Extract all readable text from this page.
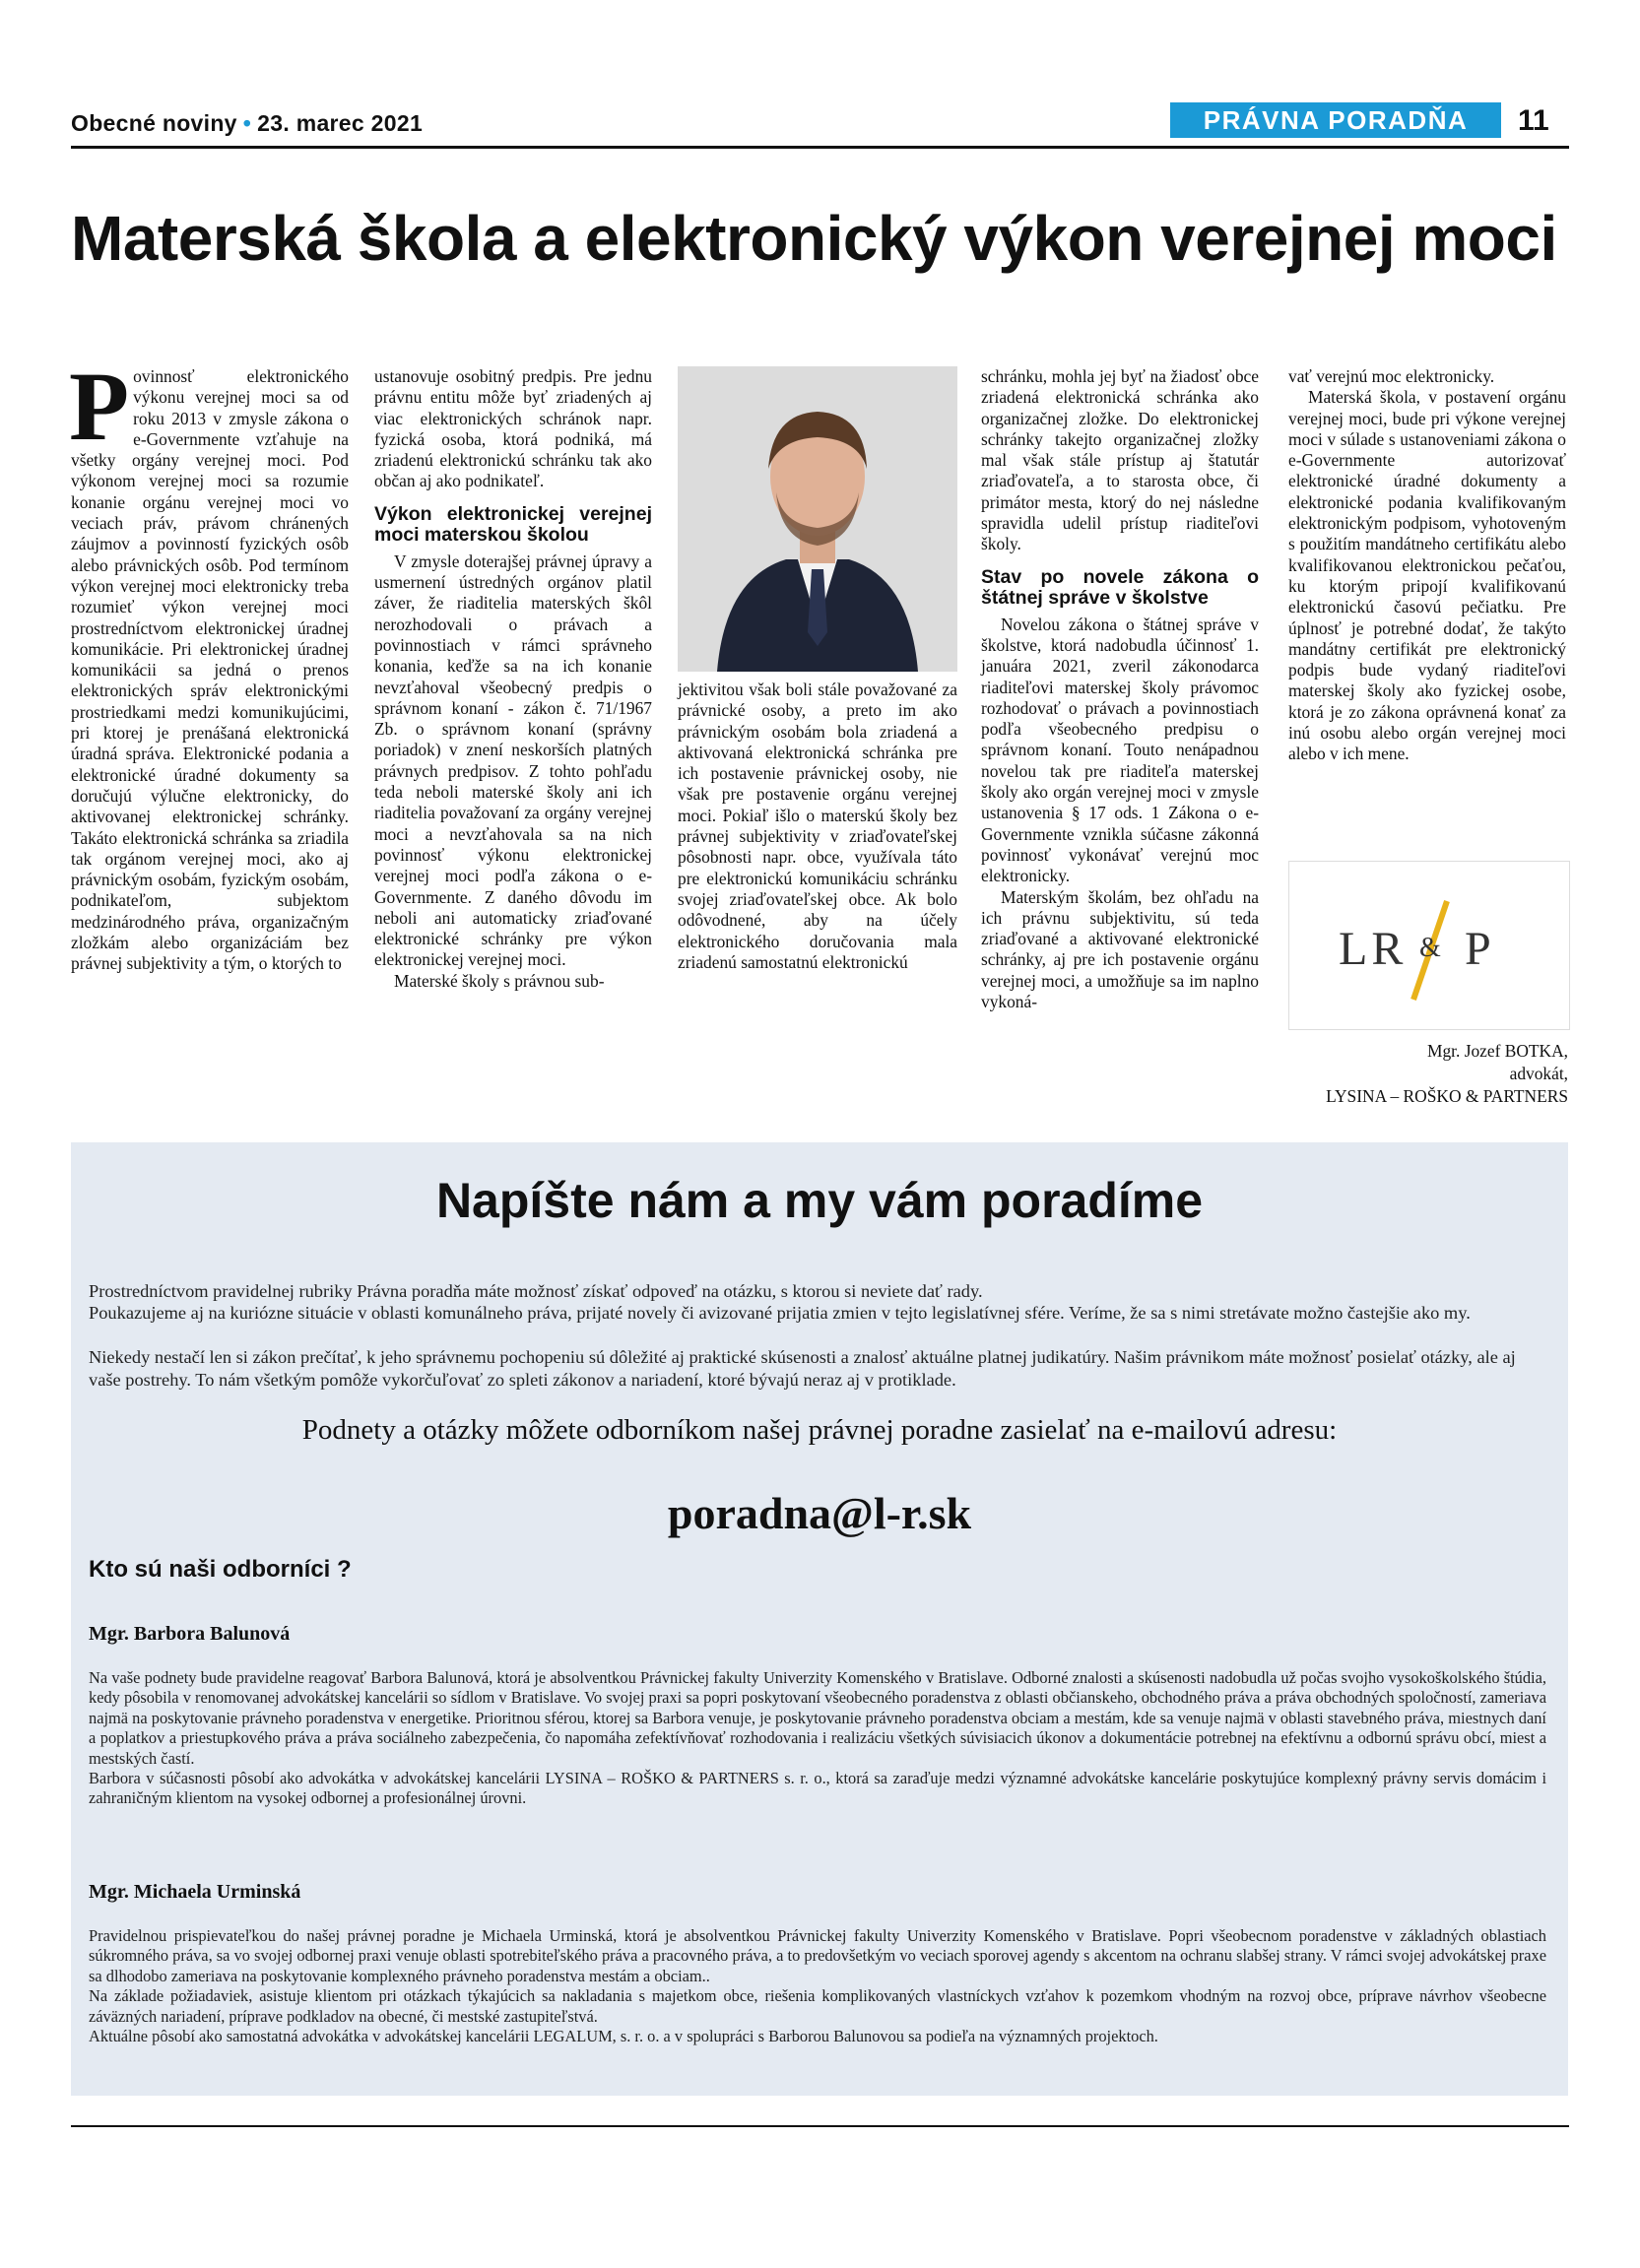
Obecné noviny • 23. marec 2021	PRÁVNA PORADŇA	11
Materská škola a elektronický výkon verejnej moci

Povinnosť elektronického výkonu verejnej moci sa od roku 2013 v zmysle zákona o e-Governmente vzťahuje na všetky orgány verejnej moci. Pod výkonom verejnej moci sa rozumie konanie orgánu verejnej moci vo veciach práv, právom chránených záujmov a povinností fyzických osôb alebo právnických osôb. Pod termínom výkon verejnej moci elektronicky treba rozumieť výkon verejnej moci prostredníctvom elektronickej úradnej komunikácie. Pri elektronickej úradnej komunikácii sa jedná o prenos elektronických správ elektronickými prostriedkami medzi komunikujúcimi, pri ktorej je prenášaná elektronická úradná správa. Elektronické podania a elektronické úradné dokumenty sa doručujú výlučne elektronicky, do aktivovanej elektronickej schránky. Takáto elektronická schránka sa zriadila tak orgánom verejnej moci, ako aj právnickým osobám, fyzickým osobám, podnikateľom, subjektom medzinárodného práva, organizačným zložkám alebo organizáciám bez právnej subjektivity a tým, o ktorých to

ustanovuje osobitný predpis. Pre jednu právnu entitu môže byť zriadených aj viac elektronických schránok napr. fyzická osoba, ktorá podniká, má zriadenú elektronickú schránku tak ako občan aj ako podnikateľ.

Výkon elektronickej verejnej moci materskou školou

V zmysle doterajšej právnej úpravy a usmernení ústredných orgánov platil záver, že riaditelia materských škôl nerozhodovali o právach a povinnostiach v rámci správneho konania, keďže sa na ich konanie nevzťahoval všeobecný predpis o správnom konaní - zákon č. 71/1967 Zb. o správnom konaní (správny poriadok) v znení neskorších platných právnych predpisov. Z tohto pohľadu teda neboli materské školy ani ich riaditelia považovaní za orgány verejnej moci a nevzťahovala sa na nich povinnosť výkonu elektronickej verejnej moci podľa zákona o e-Governmente. Z daného dôvodu im neboli ani automaticky zriaďované elektronické schránky pre výkon elektronickej verejnej moci.

Materské školy s právnou sub-

jektivitou však boli stále považované za právnické osoby, a preto im ako právnickým osobám bola zriadená a aktivovaná elektronická schránka pre ich postavenie právnickej osoby, nie však pre postavenie orgánu verejnej moci. Pokiaľ išlo o materskú školy bez právnej subjektivity v zriaďovateľskej pôsobnosti napr. obce, využívala táto pre elektronickú komunikáciu schránku svojej zriaďovateľskej obce. Ak bolo odôvodnené, aby na účely elektronického doručovania mala zriadenú samostatnú elektronickú

schránku, mohla jej byť na žiadosť obce zriadená elektronická schránka ako organizačnej zložke. Do elektronickej schránky takejto organizačnej zložky mal však stále prístup aj štatutár zriaďovateľa, a to starosta obce, či primátor mesta, ktorý do nej následne spravidla udelil prístup riaditeľovi školy.

Stav po novele zákona o štátnej správe v školstve

Novelou zákona o štátnej správe v školstve, ktorá nadobudla účinnosť 1. januára 2021, zveril zákonodarca riaditeľovi materskej školy právomoc rozhodovať o právach a povinnostiach podľa všeobecného predpisu o správnom konaní. Touto nenápadnou novelou tak pre riaditeľa materskej školy ako orgán verejnej moci v zmysle ustanovenia § 17 ods. 1 Zákona o e-Governmente vznikla súčasne zákonná povinnosť vykonávať verejnú moc elektronicky.

Materským školám, bez ohľadu na ich právnu subjektivitu, sú teda zriaďované a aktivované elektronické schránky, aj pre ich postavenie orgánu verejnej moci, a umožňuje sa im naplno vykoná-

vať verejnú moc elektronicky.

Materská škola, v postavení orgánu verejnej moci, bude pri výkone verejnej moci v súlade s ustanoveniami zákona o e-Governmente autorizovať elektronické úradné dokumenty a elektronické podania kvalifikovaným elektronickým podpisom, vyhotoveným s použitím mandátneho certifikátu alebo kvalifikovanou elektronickou pečaťou, ku ktorým pripojí kvalifikovanú elektronickú časovú pečiatku. Pre úplnosť je potrebné dodať, že takýto mandátny certifikát pre elektronický podpis bude vydaný riaditeľovi materskej školy ako fyzickej osobe, ktorá je zo zákona oprávnená konať za inú osobu alebo orgán verejnej moci alebo v ich mene.

LR & P
Mgr. Jozef BOTKA,
advokát,
LYSINA – ROŠKO & PARTNERS
Napíšte nám a my vám poradíme
Prostredníctvom pravidelnej rubriky Právna poradňa máte možnosť získať odpoveď na otázku, s ktorou si neviete dať rady.
Poukazujeme aj na kuriózne situácie v oblasti komunálneho práva, prijaté novely či avizované prijatia zmien v tejto legislatívnej sfére. Veríme, že sa s nimi stretávate možno častejšie ako my.
Niekedy nestačí len si zákon prečítať, k jeho správnemu pochopeniu sú dôležité aj praktické skúsenosti a znalosť aktuálne platnej judikatúry. Našim právnikom máte možnosť posielať otázky, ale aj vaše postrehy. To nám všetkým pomôže vykorčuľovať zo spleti zákonov a nariadení, ktoré bývajú neraz aj v protiklade.
Podnety a otázky môžete odborníkom našej právnej poradne zasielať na e-mailovú adresu:
poradna@l-r.sk
Kto sú naši odborníci ?
Mgr. Barbora Balunová
Na vaše podnety bude pravidelne reagovať Barbora Balunová, ktorá je absolventkou Právnickej fakulty Univerzity Komenského v Bratislave. Odborné znalosti a skúsenosti nadobudla už počas svojho vysokoškolského štúdia, kedy pôsobila v renomovanej advokátskej kancelárii so sídlom v Bratislave. Vo svojej praxi sa popri poskytovaní všeobecného poradenstva z oblasti občianskeho, obchodného práva a práva obchodných spoločností, zameriava najmä na poskytovanie právneho poradenstva v energetike. Prioritnou sférou, ktorej sa Barbora venuje, je poskytovanie právneho poradenstva obciam a mestám, kde sa venuje najmä v oblasti stavebného práva, miestnych daní a poplatkov a priestupkového práva a práva sociálneho zabezpečenia, čo napomáha zefektívňovať rozhodovania i realizáciu všetkých súvisiacich úkonov a dokumentácie potrebnej na efektívnu a odbornú správu obcí, miest a mestských častí.
Barbora v súčasnosti pôsobí ako advokátka v advokátskej kancelárii LYSINA – ROŠKO & PARTNERS s. r. o., ktorá sa zaraďuje medzi významné advokátske kancelárie poskytujúce komplexný právny servis domácim i zahraničným klientom na vysokej odbornej a profesionálnej úrovni.
Mgr. Michaela Urminská
Pravidelnou prispievateľkou do našej právnej poradne je Michaela Urminská, ktorá je absolventkou Právnickej fakulty Univerzity Komenského v Bratislave. Popri všeobecnom poradenstve v základných oblastiach súkromného práva, sa vo svojej odbornej praxi venuje oblasti spotrebiteľského práva a pracovného práva, a to predovšetkým vo veciach sporovej agendy s akcentom na ochranu slabšej strany. V rámci svojej advokátskej praxe sa dlhodobo zameriava na poskytovanie komplexného právneho poradenstva mestám a obciam..
Na základe požiadaviek, asistuje klientom pri otázkach týkajúcich sa nakladania s majetkom obce, riešenia komplikovaných vlastníckych vzťahov k pozemkom vhodným na rozvoj obce, príprave návrhov všeobecne záväzných nariadení, príprave podkladov na obecné, či mestské zastupiteľstvá.
Aktuálne pôsobí ako samostatná advokátka v advokátskej kancelárii LEGALUM, s. r. o. a v spolupráci s Barborou Balunovou sa podieľa na významných projektoch.
